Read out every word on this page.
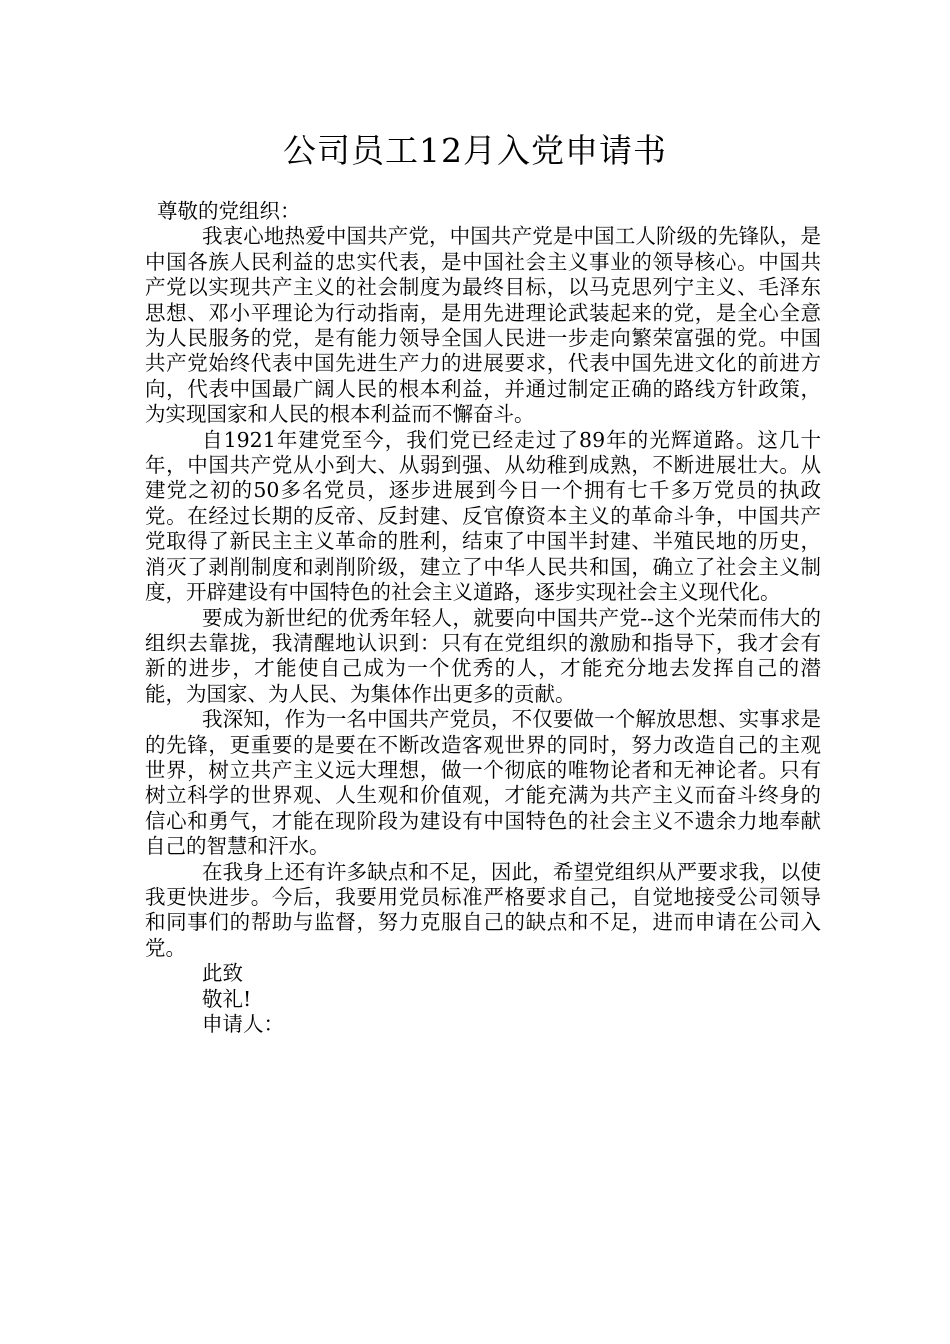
公司员工12月入党申请书

尊敬的党组织：

我衷心地热爱中国共产党，中国共产党是中国工人阶级的先锋队，是中国各族人民利益的忠实代表，是中国社会主义事业的领导核心。中国共产党以实现共产主义的社会制度为最终目标，以马克思列宁主义、毛泽东思想、邓小平理论为行动指南，是用先进理论武装起来的党，是全心全意为人民服务的党，是有能力领导全国人民进一步走向繁荣富强的党。中国共产党始终代表中国先进生产力的进展要求，代表中国先进文化的前进方向，代表中国最广阔人民的根本利益，并通过制定正确的路线方针政策，为实现国家和人民的根本利益而不懈奋斗。

自1921年建党至今，我们党已经走过了89年的光辉道路。这几十年，中国共产党从小到大、从弱到强、从幼稚到成熟，不断进展壮大。从建党之初的50多名党员，逐步进展到今日一个拥有七千多万党员的执政党。在经过长期的反帝、反封建、反官僚资本主义的革命斗争，中国共产党取得了新民主主义革命的胜利，结束了中国半封建、半殖民地的历史，消灭了剥削制度和剥削阶级，建立了中华人民共和国，确立了社会主义制度，开辟建设有中国特色的社会主义道路，逐步实现社会主义现代化。

要成为新世纪的优秀年轻人，就要向中国共产党--这个光荣而伟大的组织去靠拢，我清醒地认识到：只有在党组织的激励和指导下，我才会有新的进步，才能使自己成为一个优秀的人，才能充分地去发挥自己的潜能，为国家、为人民、为集体作出更多的贡献。

我深知，作为一名中国共产党员，不仅要做一个解放思想、实事求是的先锋，更重要的是要在不断改造客观世界的同时，努力改造自己的主观世界，树立共产主义远大理想，做一个彻底的唯物论者和无神论者。只有树立科学的世界观、人生观和价值观，才能充满为共产主义而奋斗终身的信心和勇气，才能在现阶段为建设有中国特色的社会主义不遗余力地奉献自己的智慧和汗水。

在我身上还有许多缺点和不足，因此，希望党组织从严要求我，以使我更快进步。今后，我要用党员标准严格要求自己，自觉地接受公司领导和同事们的帮助与监督，努力克服自己的缺点和不足，进而申请在公司入党。

此致

敬礼!

申请人：
